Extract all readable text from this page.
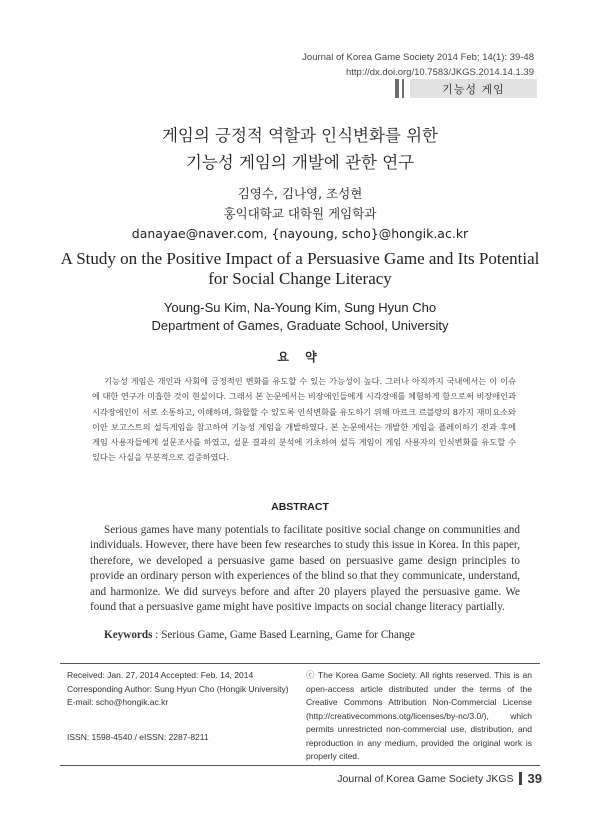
Journal of Korea Game Society 2014 Feb; 14(1): 39-48
http://dx.doi.org/10.7583/JKGS.2014.14.1.39
기능성 게임
게임의 긍정적 역할과 인식변화를 위한
기능성 게임의 개발에 관한 연구
김영수, 김나영, 조성현
홍익대학교 대학원 게임학과
danayae@naver.com, {nayoung, scho}@hongik.ac.kr
A Study on the Positive Impact of a Persuasive Game and Its Potential
for Social Change Literacy
Young-Su Kim, Na-Young Kim, Sung Hyun Cho
Department of Games, Graduate School, University
요 약

기능성 게임은 개인과 사회에 긍정적인 변화를 유도할 수 있는 가능성이 높다. 그러나 아직까지 국내에서는 이 이슈에 대한 연구가 미흡한 것이 현실이다. 그래서 본 논문에서는 비장애인들에게 시각장애를 체험하게 함으로써 비장애인과 시각장애인이 서로 소통하고, 이해하며, 화합할 수 있도록 인식변화를 유도하기 위해 마르크 르블랑의 8가지 재미요소와 이안 보고스트의 설득게임을 참고하여 기능성 게임을 개발하였다. 본 논문에서는 개발한 게임을 플레이하기 전과 후에 게임 사용자들에게 설문조사를 하였고, 설문 결과의 분석에 기초하여 설득 게임이 게임 사용자의 인식변화를 유도할 수 있다는 사실을 부분적으로 검증하였다.

ABSTRACT

Serious games have many potentials to facilitate positive social change on communities and individuals. However, there have been few researches to study this issue in Korea. In this paper, therefore, we developed a persuasive game based on persuasive game design principles to provide an ordinary person with experiences of the blind so that they communicate, understand, and harmonize. We did surveys before and after 20 players played the persuasive game. We found that a persuasive game might have positive impacts on social change literacy partially.

Keywords : Serious Game, Game Based Learning, Game for Change
Received: Jan. 27, 2014 Accepted: Feb. 14, 2014
Corresponding Author: Sung Hyun Cho (Hongik University)
E-mail: scho@hongik.ac.kr
ISSN: 1598-4540 / eISSN: 2287-8211
ⓒ The Korea Game Society. All rights reserved. This is an open-access article distributed under the terms of the Creative Commons Attribution Non-Commercial License (http://creativecommons.otg/licenses/by-nc/3.0/), which permits unrestricted non-commercial use, distribution, and reproduction in any medium, provided the original work is properly cited.
Journal of Korea Game Society JKGS 39
